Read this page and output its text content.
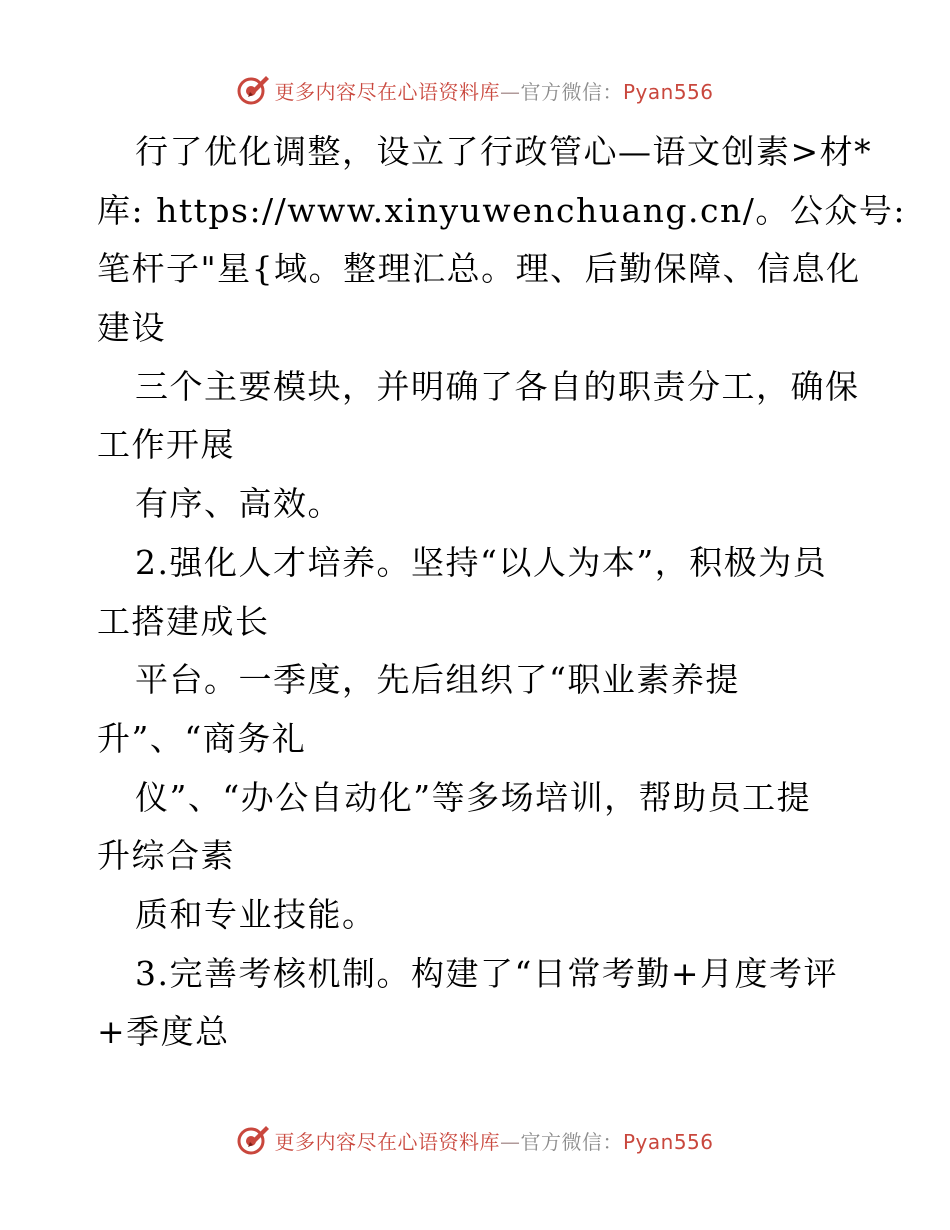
更多内容尽在心语资料库—官方微信：Pyan556
行了优化调整，设立了行政管心—语文创素>材*
库: https://www.xinyuwenchuang.cn/。公众号:
笔杆子"星{域。整理汇总。理、后勤保障、信息化
建设
三个主要模块，并明确了各自的职责分工，确保
工作开展
有序、高效。
2.强化人才培养。坚持“以人为本”，积极为员
工搭建成长
平台。一季度，先后组织了“职业素养提
升”、“商务礼
仪”、“办公自动化”等多场培训，帮助员工提
升综合素
质和专业技能。
3.完善考核机制。构建了“日常考勤+月度考评
+季度总
更多内容尽在心语资料库—官方微信：Pyan556
